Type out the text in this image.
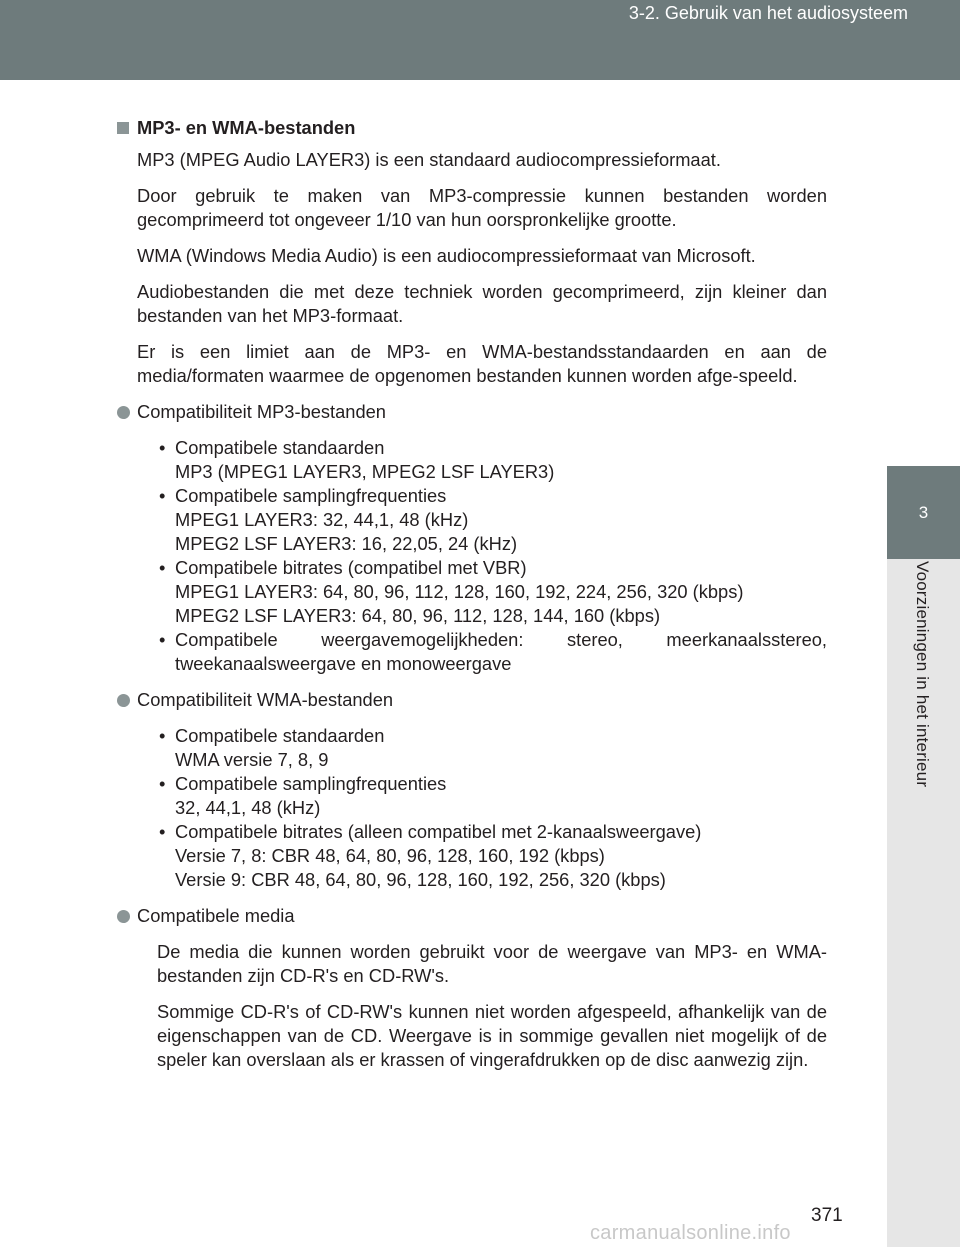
3-2. Gebruik van het audiosysteem
3
Voorzieningen in het interieur
MP3- en WMA-bestanden

MP3 (MPEG Audio LAYER3) is een standaard audiocompressieformaat.

Door gebruik te maken van MP3-compressie kunnen bestanden worden gecomprimeerd tot ongeveer 1/10 van hun oorspronkelijke grootte.

WMA (Windows Media Audio) is een audiocompressieformaat van Microsoft.

Audiobestanden die met deze techniek worden gecomprimeerd, zijn kleiner dan bestanden van het MP3-formaat.

Er is een limiet aan de MP3- en WMA-bestandsstandaarden en aan de media/formaten waarmee de opgenomen bestanden kunnen worden afge-speeld.

Compatibiliteit MP3-bestanden
• Compatibele standaarden
MP3 (MPEG1 LAYER3, MPEG2 LSF LAYER3)
• Compatibele samplingfrequenties
MPEG1 LAYER3: 32, 44,1, 48 (kHz)
MPEG2 LSF LAYER3: 16, 22,05, 24 (kHz)
• Compatibele bitrates (compatibel met VBR)
MPEG1 LAYER3: 64, 80, 96, 112, 128, 160, 192, 224, 256, 320 (kbps)
MPEG2 LSF LAYER3: 64, 80, 96, 112, 128, 144, 160 (kbps)
• Compatibele weergavemogelijkheden: stereo, meerkanaalsstereo,
tweekanaalsweergave en monoweergave
Compatibiliteit WMA-bestanden
• Compatibele standaarden
WMA versie 7, 8, 9
• Compatibele samplingfrequenties
32, 44,1, 48 (kHz)
• Compatibele bitrates (alleen compatibel met 2-kanaalsweergave)
Versie 7, 8: CBR 48, 64, 80, 96, 128, 160, 192 (kbps)
Versie 9: CBR 48, 64, 80, 96, 128, 160, 192, 256, 320 (kbps)
Compatibele media

De media die kunnen worden gebruikt voor de weergave van MP3- en WMA-bestanden zijn CD-R's en CD-RW's.

Sommige CD-R's of CD-RW's kunnen niet worden afgespeeld, afhankelijk van de eigenschappen van de CD. Weergave is in sommige gevallen niet mogelijk of de speler kan overslaan als er krassen of vingerafdrukken op de disc aanwezig zijn.

371
carmanualsonline.info
